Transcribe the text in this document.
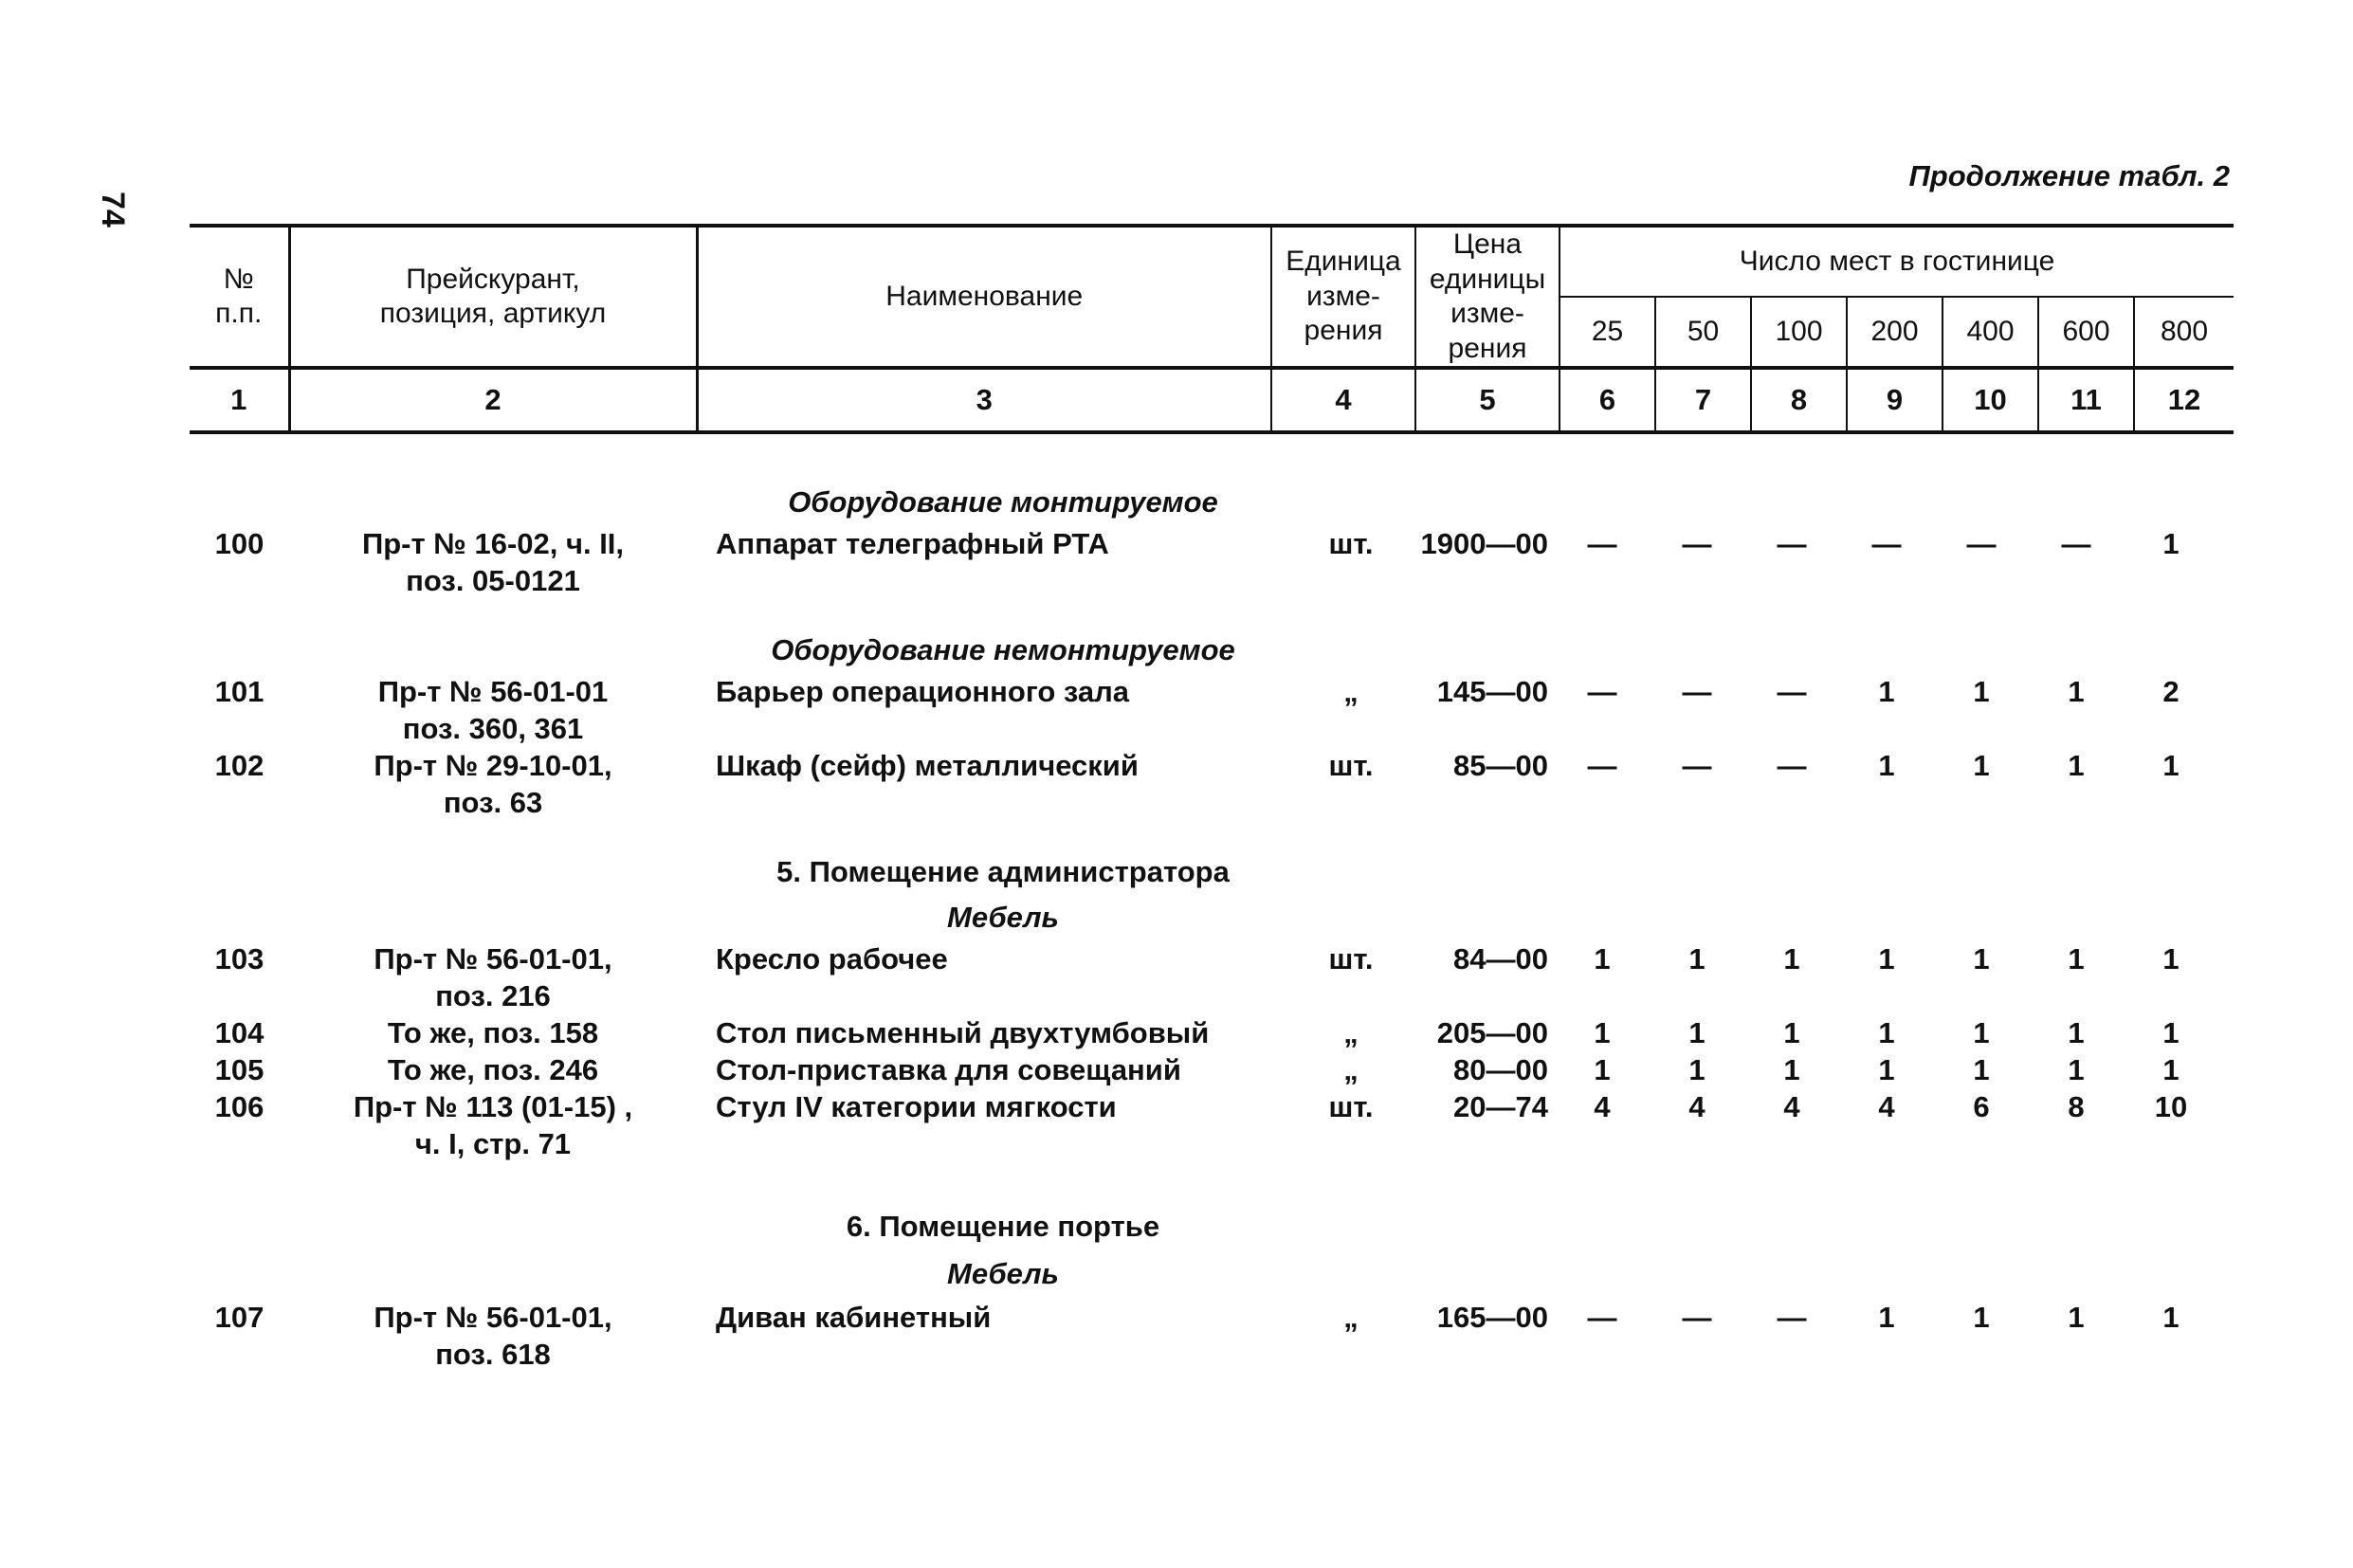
74
Продолжение табл. 2
№ п.п.	Прейскурант, позиция, артикул	Наименование	Единица изме-рения	Цена единицы изме-рения	Число мест в гостинице						
					25	50	100	200	400	600	800
1	2	3	4	5	6	7	8	9	10	11	12
Оборудование монтируемое
100	Пр-т № 16-02, ч. II,	Аппарат телеграфный РТА	шт.	1900—00	—	—	—	—	—	—	1
поз. 05-0121
Оборудование немонтируемое
101	Пр-т № 56-01-01	Барьер операционного зала	„	145—00	—	—	—	1	1	1	2
поз. 360, 361
102	Пр-т № 29-10-01,	Шкаф (сейф) металлический	шт.	85—00	—	—	—	1	1	1	1
поз. 63
5. Помещение администратора
Мебель
103	Пр-т № 56-01-01,	Кресло рабочее	шт.	84—00	1	1	1	1	1	1	1
поз. 216
104	То же, поз. 158	Стол письменный двухтумбовый	„	205—00	1	1	1	1	1	1	1
105	То же, поз. 246	Стол-приставка для совещаний	„	80—00	1	1	1	1	1	1	1
106	Пр-т № 113 (01-15) ,	Стул IV категории мягкости	шт.	20—74	4	4	4	4	6	8	10
ч. I, стр. 71
6. Помещение портье
Мебель
107	Пр-т № 56-01-01,	Диван кабинетный	„	165—00	—	—	—	1	1	1	1
поз. 618
